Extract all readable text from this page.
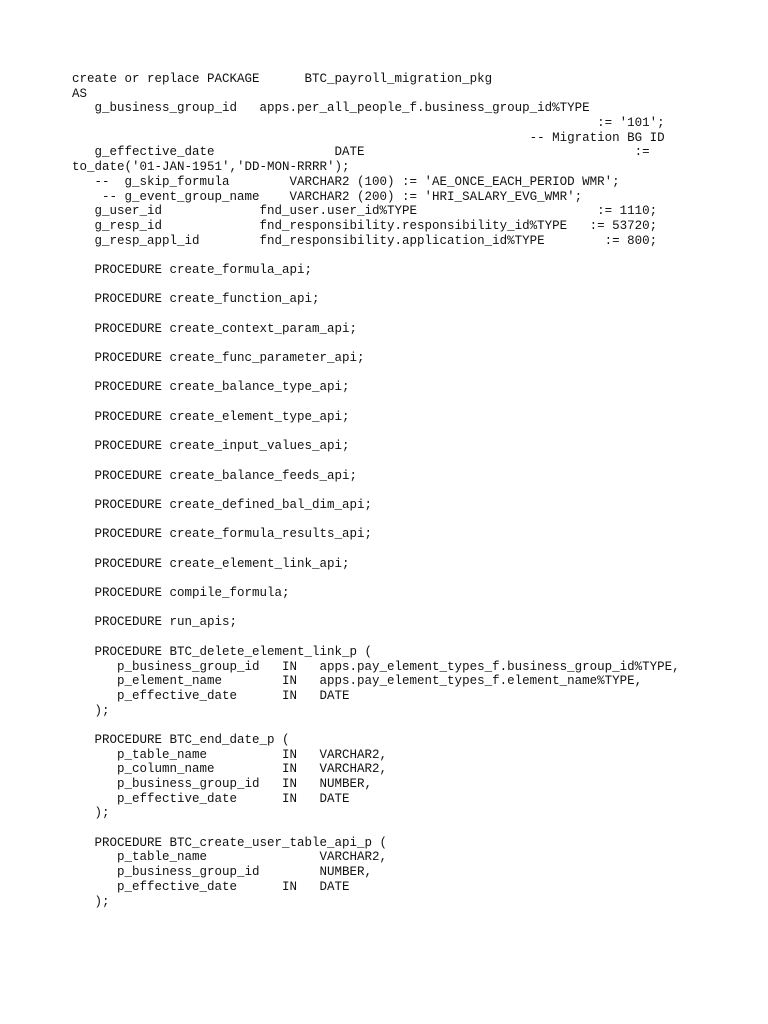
create or replace PACKAGE      BTC_payroll_migration_pkg
AS
g_business_group_id   apps.per_all_people_f.business_group_id%TYPE
:= '101';
-- Migration BG ID
g_effective_date                DATE                                    :=
to_date('01-JAN-1951','DD-MON-RRRR');
--  g_skip_formula        VARCHAR2 (100) := 'AE_ONCE_EACH_PERIOD WMR';
-- g_event_group_name    VARCHAR2 (200) := 'HRI_SALARY_EVG_WMR';
g_user_id             fnd_user.user_id%TYPE                        := 1110;
g_resp_id             fnd_responsibility.responsibility_id%TYPE   := 53720;
g_resp_appl_id        fnd_responsibility.application_id%TYPE        := 800;
PROCEDURE create_formula_api;
PROCEDURE create_function_api;
PROCEDURE create_context_param_api;
PROCEDURE create_func_parameter_api;
PROCEDURE create_balance_type_api;
PROCEDURE create_element_type_api;
PROCEDURE create_input_values_api;
PROCEDURE create_balance_feeds_api;
PROCEDURE create_defined_bal_dim_api;
PROCEDURE create_formula_results_api;
PROCEDURE create_element_link_api;
PROCEDURE compile_formula;
PROCEDURE run_apis;
PROCEDURE BTC_delete_element_link_p (
p_business_group_id   IN   apps.pay_element_types_f.business_group_id%TYPE,
p_element_name        IN   apps.pay_element_types_f.element_name%TYPE,
p_effective_date      IN   DATE
);
PROCEDURE BTC_end_date_p (
p_table_name          IN   VARCHAR2,
p_column_name         IN   VARCHAR2,
p_business_group_id   IN   NUMBER,
p_effective_date      IN   DATE
);
PROCEDURE BTC_create_user_table_api_p (
p_table_name               VARCHAR2,
p_business_group_id        NUMBER,
p_effective_date      IN   DATE
);
